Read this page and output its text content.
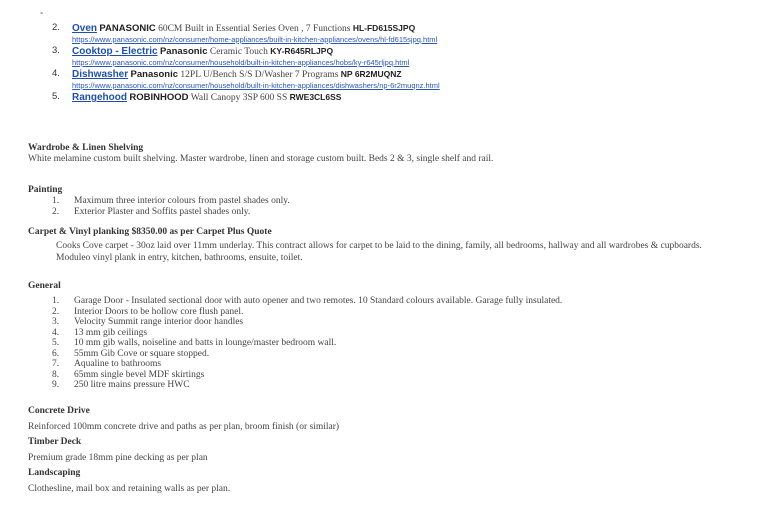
-
2. Oven PANASONIC 60CM Built in Essential Series Oven , 7 Functions HL-FD615SJPQ
https://www.panasonic.com/nz/consumer/home-appliances/built-in-kitchen-appliances/ovens/hl-fd615sjpq.html
3. Cooktop - Electric Panasonic Ceramic Touch KY-R645RLJPQ
https://www.panasonic.com/nz/consumer/household/built-in-kitchen-appliances/hobs/ky-r645rljpq.html
4. Dishwasher Panasonic 12PL U/Bench S/S D/Washer 7 Programs NP 6R2MUQNZ
https://www.panasonic.com/nz/consumer/household/built-in-kitchen-appliances/dishwashers/np-6r2muqnz.html
5. Rangehood ROBINHOOD Wall Canopy 3SP 600 SS RWE3CL6SS

Wardrobe & Linen Shelving

White melamine custom built shelving. Master wardrobe, linen and storage custom built. Beds 2 & 3, single shelf and rail.

Painting

1. Maximum three interior colours from pastel shades only.
2. Exterior Plaster and Soffits pastel shades only.

Carpet & Vinyl planking $8350.00 as per Carpet Plus Quote

Cooks Cove carpet - 30oz laid over 11mm underlay. This contract allows for carpet to be laid to the dining, family, all bedrooms, hallway and all wardrobes & cupboards. Moduleo vinyl plank in entry, kitchen, bathrooms, ensuite, toilet.

General

1. Garage Door - Insulated sectional door with auto opener and two remotes. 10 Standard colours available. Garage fully insulated.
2. Interior Doors to be hollow core flush panel.
3. Velocity Summit range interior door handles
4. 13 mm gib ceilings
5. 10 mm gib walls, noiseline and batts in lounge/master bedroom wall.
6. 55mm Gib Cove or square stopped.
7. Aqualine to bathrooms
8. 65mm single bevel MDF skirtings
9. 250 litre mains pressure HWC

Concrete Drive

Reinforced 100mm concrete drive and paths as per plan, broom finish (or similar)

Timber Deck

Premium grade 18mm pine decking as per plan

Landscaping

Clothesline, mail box and retaining walls as per plan.
